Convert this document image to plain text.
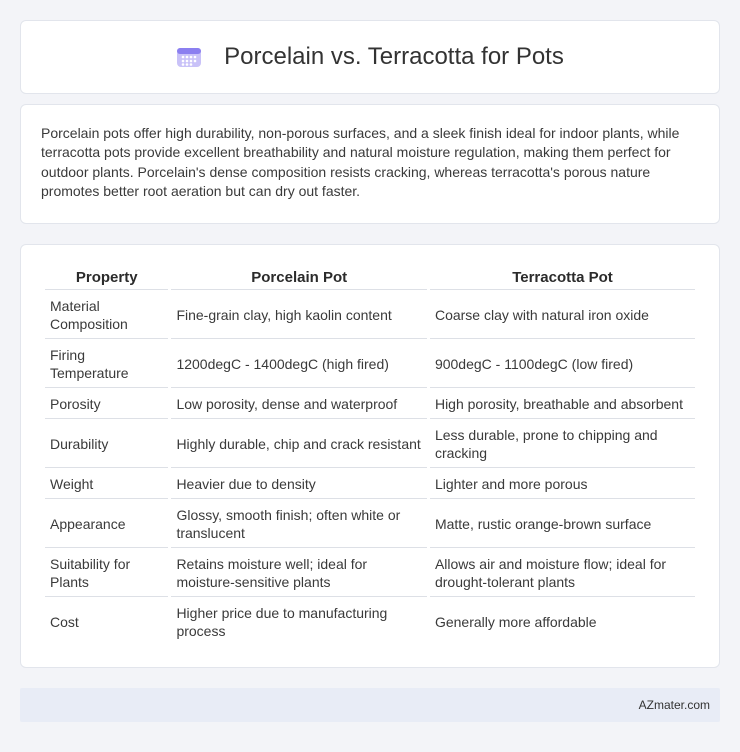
Porcelain vs. Terracotta for Pots

Porcelain pots offer high durability, non-porous surfaces, and a sleek finish ideal for indoor plants, while terracotta pots provide excellent breathability and natural moisture regulation, making them perfect for outdoor plants. Porcelain's dense composition resists cracking, whereas terracotta's porous nature promotes better root aeration but can dry out faster.

Property	Porcelain Pot	Terracotta Pot
Material Composition	Fine-grain clay, high kaolin content	Coarse clay with natural iron oxide
Firing Temperature	1200degC - 1400degC (high fired)	900degC - 1100degC (low fired)
Porosity	Low porosity, dense and waterproof	High porosity, breathable and absorbent
Durability	Highly durable, chip and crack resistant	Less durable, prone to chipping and cracking
Weight	Heavier due to density	Lighter and more porous
Appearance	Glossy, smooth finish; often white or translucent	Matte, rustic orange-brown surface
Suitability for Plants	Retains moisture well; ideal for moisture-sensitive plants	Allows air and moisture flow; ideal for drought-tolerant plants
Cost	Higher price due to manufacturing process	Generally more affordable
AZmater.com
